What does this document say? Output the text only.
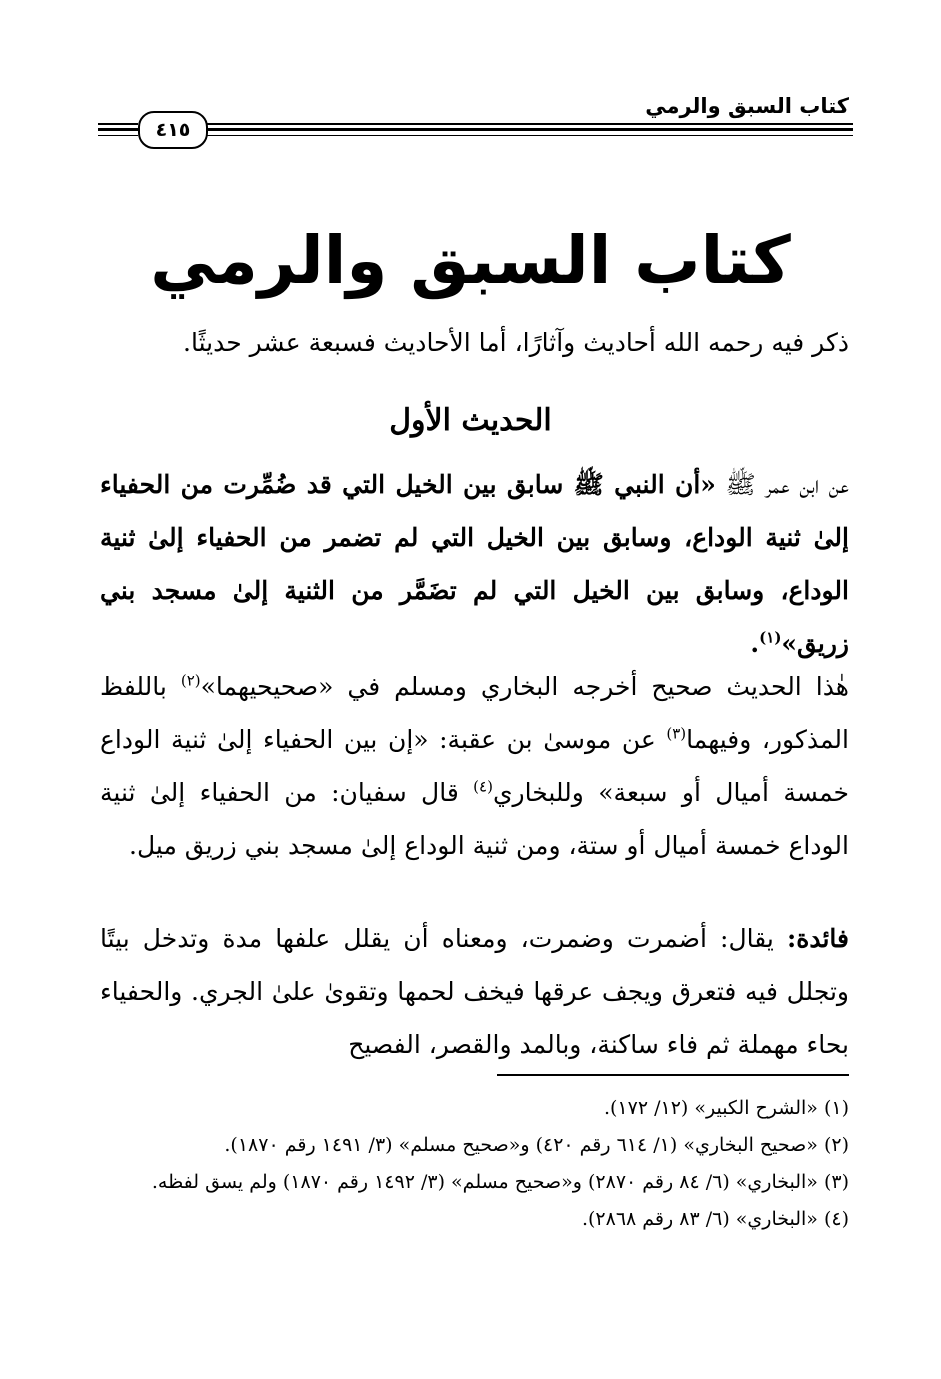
كتاب السبق والرمي
٤١٥
كتاب السبق والرمي
ذكر فيه رحمه الله أحاديث وآثارًا، أما الأحاديث فسبعة عشر حديثًا.
الحديث الأول
عن ابن عمر ﷺ «أن النبي ﷺ سابق بين الخيل التي قد ضُمِّرت من الحفياء إلىٰ ثنية الوداع، وسابق بين الخيل التي لم تضمر من الحفياء إلىٰ ثنية الوداع، وسابق بين الخيل التي لم تضَمَّر من الثنية إلىٰ مسجد بني زريق»$^{(١)}$.
هٰذا الحديث صحيح أخرجه البخاري ومسلم في «صحيحيهما»$^{(٢)}$ باللفظ المذكور، وفيهما$^{(٣)}$ عن موسىٰ بن عقبة: «إن بين الحفياء إلىٰ ثنية الوداع خمسة أميال أو سبعة» وللبخاري$^{(٤)}$ قال سفيان: من الحفياء إلىٰ ثنية الوداع خمسة أميال أو ستة، ومن ثنية الوداع إلىٰ مسجد بني زريق ميل.
فائدة: يقال: أضمرت وضمرت، ومعناه أن يقلل علفها مدة وتدخل بيتًا وتجلل فيه فتعرق ويجف عرقها فيخف لحمها وتقوىٰ علىٰ الجري. والحفياء بحاء مهملة ثم فاء ساكنة، وبالمد والقصر، الفصيح
(١)«الشرح الكبير» (١٢/ ١٧٢).
(٢)«صحيح البخاري» (١/ ٦١٤ رقم ٤٢٠) و«صحيح مسلم» (٣/ ١٤٩١ رقم ١٨٧٠).
(٣)«البخاري» (٦/ ٨٤ رقم ٢٨٧٠) و«صحيح مسلم» (٣/ ١٤٩٢ رقم ١٨٧٠) ولم يسق لفظه.
(٤)«البخاري» (٦/ ٨٣ رقم ٢٨٦٨).
